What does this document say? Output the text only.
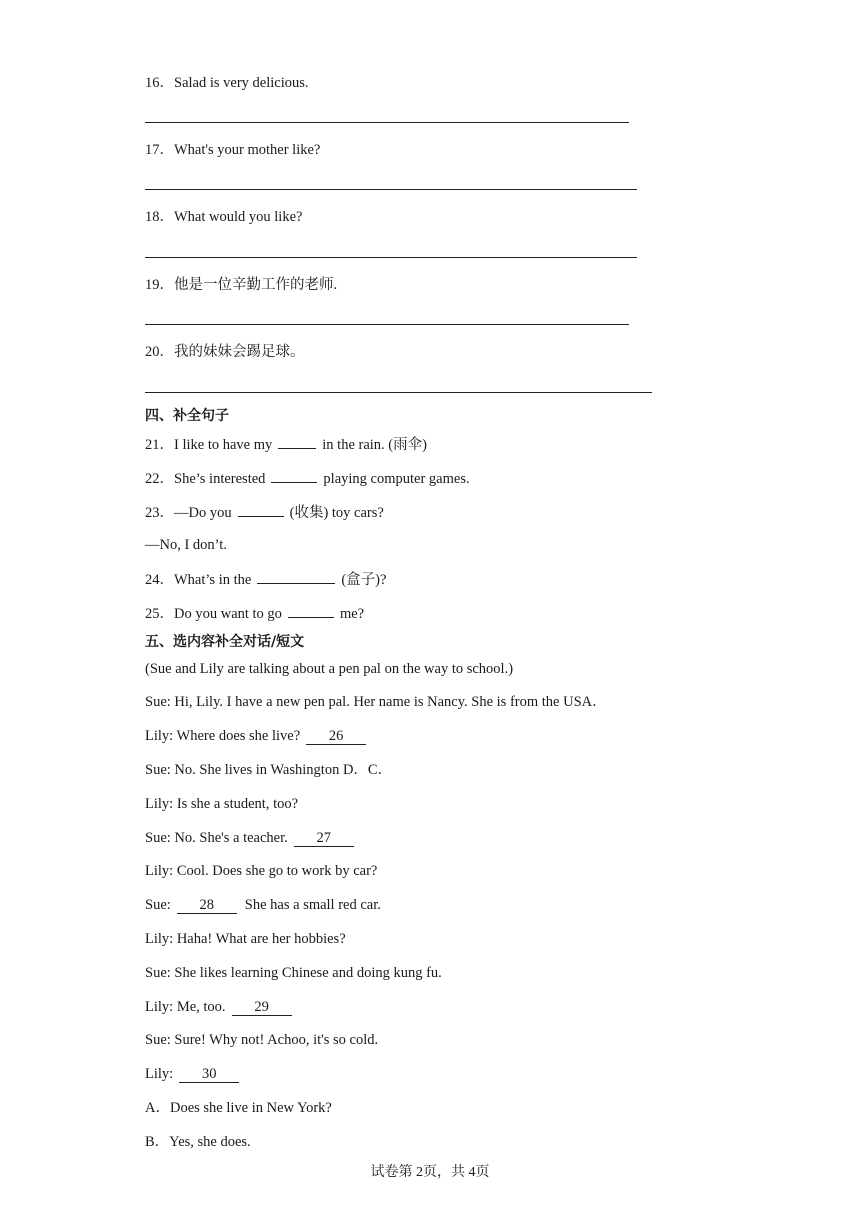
16．Salad is very delicious.
17．What's your mother like?
18．What would you like?
19．他是一位辛勤工作的老师.
20．我的妹妹会踢足球。
四、补全句子
21．I like to have my	in the rain. (雨伞)
22．She’s interested	playing computer games.
23．—Do you	(收集) toy cars?
—No, I don’t.
24．What’s in the	(盒子)?
25．Do you want to go	me?
五、选内容补全对话/短文
(Sue and Lily are talking about a pen pal on the way to school.)
Sue: Hi, Lily. I have a new pen pal. Her name is Nancy. She is from the USA．
Lily: Where does she live? 26
Sue: No. She lives in Washington D．C．
Lily: Is she a student, too?
Sue: No. She's a teacher. 27
Lily: Cool. Does she go to work by car?
Sue: 28 She has a small red car.
Lily: Haha! What are her hobbies?
Sue: She likes learning Chinese and doing kung fu.
Lily: Me, too. 29
Sue: Sure! Why not! Achoo, it's so cold.
Lily: 30
A．Does she live in New York?
B．Yes, she does.
试卷第 2页，共 4页
